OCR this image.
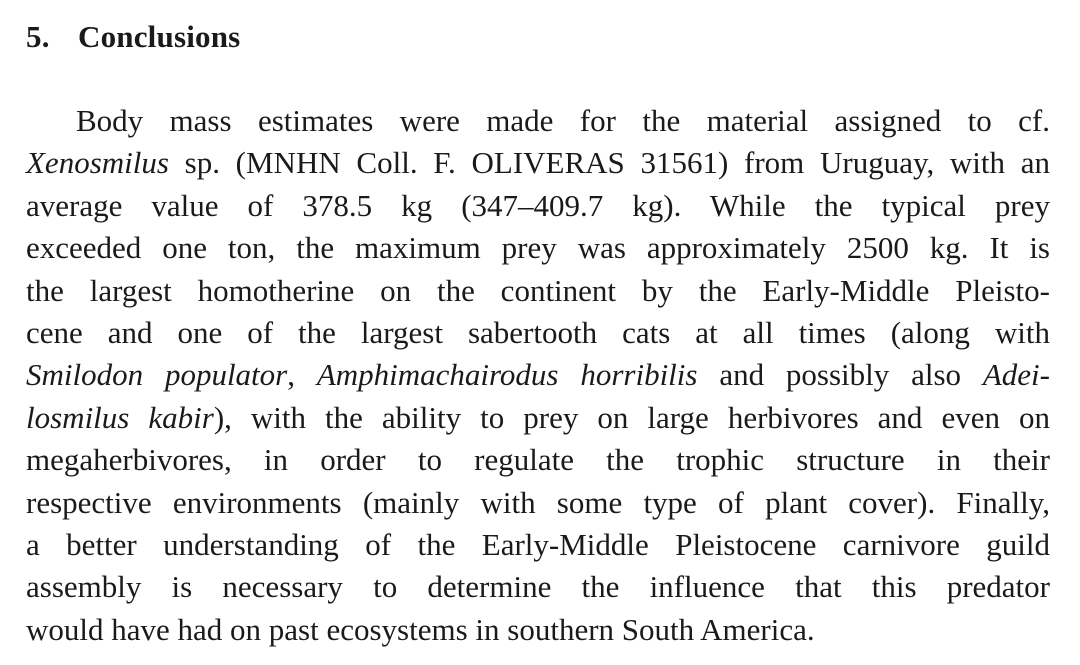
5. Conclusions

Body mass estimates were made for the material assigned to cf.
Xenosmilus sp. (MNHN Coll. F. OLIVERAS 31561) from Uruguay, with an
average value of 378.5 kg (347–409.7 kg). While the typical prey
exceeded one ton, the maximum prey was approximately 2500 kg. It is
the largest homotherine on the continent by the Early-Middle Pleisto-
cene and one of the largest sabertooth cats at all times (along with
Smilodon populator, Amphimachairodus horribilis and possibly also Adei-
losmilus kabir), with the ability to prey on large herbivores and even on
megaherbivores, in order to regulate the trophic structure in their
respective environments (mainly with some type of plant cover). Finally,
a better understanding of the Early-Middle Pleistocene carnivore guild
assembly is necessary to determine the influence that this predator
would have had on past ecosystems in southern South America.
